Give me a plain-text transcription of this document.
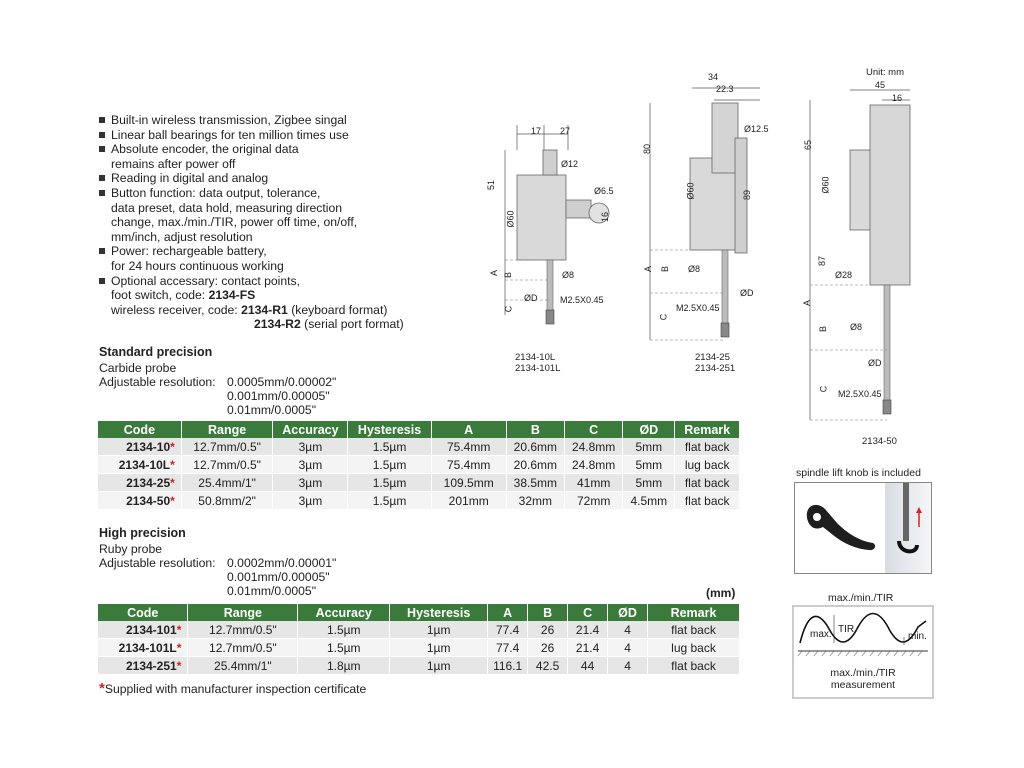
Built-in wireless transmission, Zigbee singal
Linear ball bearings for ten million times use
Absolute encoder, the original data
remains after power off
Reading in digital and analog
Button function: data output, tolerance,
data preset, data hold, measuring direction
change, max./min./TIR, power off time, on/off,
mm/inch, adjust resolution
Power: rechargeable battery,
for 24 hours continuous working
Optional accessary: contact points,
foot switch, code: 2134-FS
wireless receiver, code: 2134-R1 (keyboard format)
2134-R2 (serial port format)
Standard precision
Carbide probe
Adjustable resolution: 0.0005mm/0.00002"
0.001mm/0.00005"
0.01mm/0.0005"
Code	Range	Accuracy	Hysteresis	A	B	C	ØD	Remark
2134-10*	12.7mm/0.5"	3µm	1.5µm	75.4mm	20.6mm	24.8mm	5mm	flat back
2134-10L*	12.7mm/0.5"	3µm	1.5µm	75.4mm	20.6mm	24.8mm	5mm	lug back
2134-25*	25.4mm/1"	3µm	1.5µm	109.5mm	38.5mm	41mm	5mm	flat back
2134-50*	50.8mm/2"	3µm	1.5µm	201mm	32mm	72mm	4.5mm	flat back
High precision
Ruby probe
Adjustable resolution: 0.0002mm/0.00001"
0.001mm/0.00005"
0.01mm/0.0005"	(mm)
Code	Range	Accuracy	Hysteresis	A	B	C	ØD	Remark
2134-101*	12.7mm/0.5"	1.5µm	1µm	77.4	26	21.4	4	flat back
2134-101L*	12.7mm/0.5"	1.5µm	1µm	77.4	26	21.4	4	lug back
2134-251*	25.4mm/1"	1.8µm	1µm	116.1	42.5	44	4	flat back
*Supplied with manufacturer inspection certificate
Unit: mm
17 27
Ø12
Ø6.5
51
Ø60	16
A B
C
Ø8
ØD	M2.5X0.45
2134-10L
2134-101L
34
22.3
Ø12.5
80
Ø60	89
A B
C
Ø8
ØD
M2.5X0.45
2134-25
2134-251
45
16
65
Ø60
87
A
B
C
Ø28
Ø8
ØD
M2.5X0.45
2134-50
spindle lift knob is included
max./min./TIR
max. TIR
min.
max./min./TIR
measurement
